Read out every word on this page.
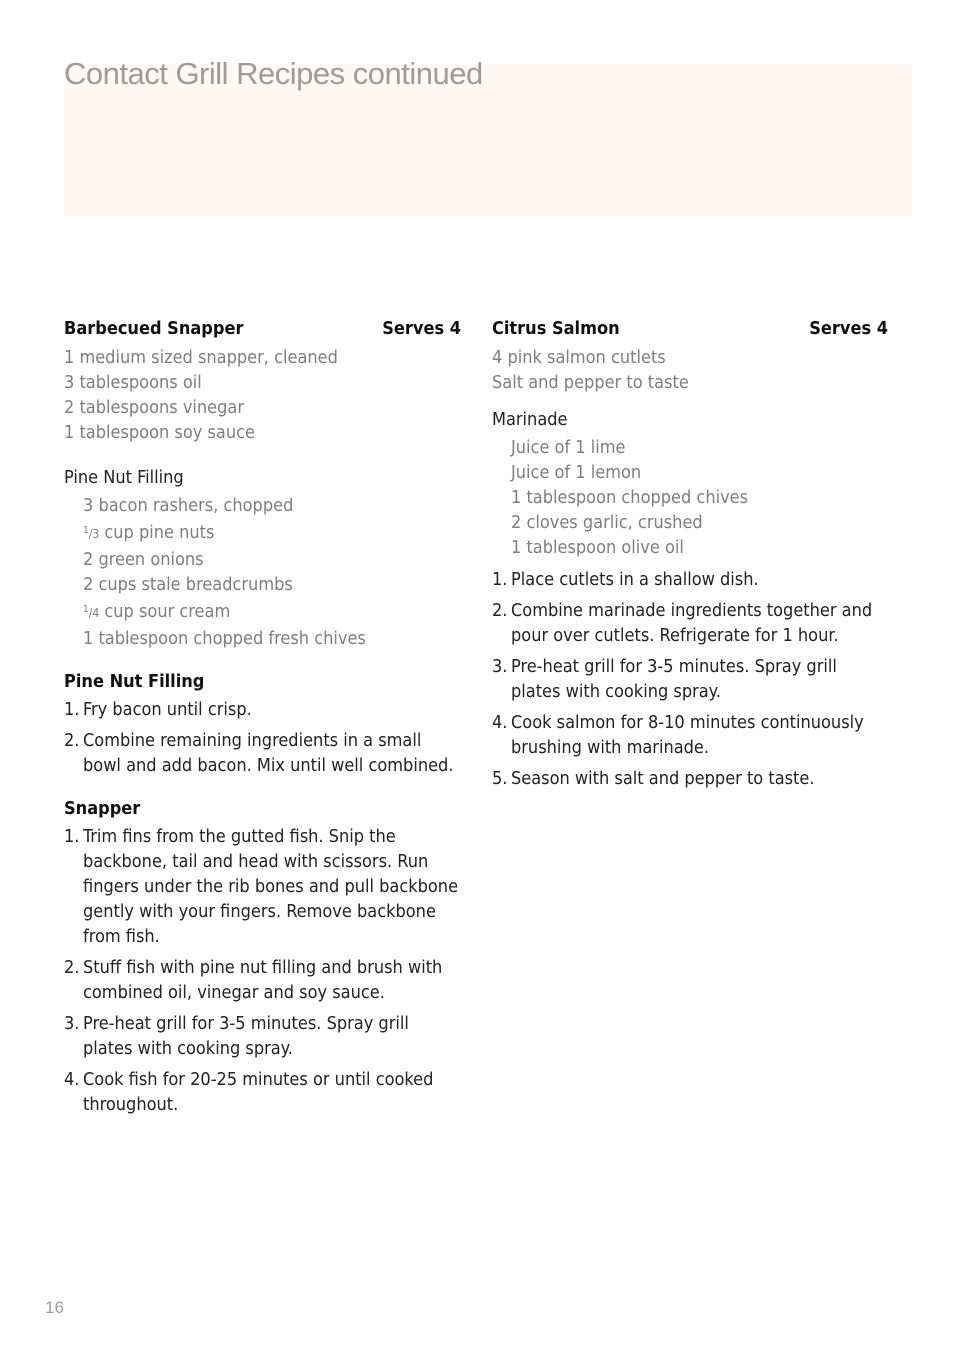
Contact Grill Recipes continued
Barbecued Snapper	Serves 4
1 medium sized snapper, cleaned
3 tablespoons oil
2 tablespoons vinegar
1 tablespoon soy sauce
Pine Nut Filling
3 bacon rashers, chopped
$^1$/3 cup pine nuts
2 green onions
2 cups stale breadcrumbs
$^1$/4 cup sour cream
1 tablespoon chopped fresh chives
Pine Nut Filling
1. Fry bacon until crisp.
2. Combine remaining ingredients in a small bowl and add bacon. Mix until well combined.
Snapper
1. Trim fins from the gutted fish. Snip the backbone, tail and head with scissors. Run fingers under the rib bones and pull backbone gently with your fingers. Remove backbone from fish.
2. Stuff fish with pine nut filling and brush with combined oil, vinegar and soy sauce.
3. Pre-heat grill for 3-5 minutes. Spray grill plates with cooking spray.
4. Cook fish for 20-25 minutes or until cooked throughout.
Citrus Salmon	Serves 4
4 pink salmon cutlets
Salt and pepper to taste
Marinade
Juice of 1 lime
Juice of 1 lemon
1 tablespoon chopped chives
2 cloves garlic, crushed
1 tablespoon olive oil
1. Place cutlets in a shallow dish.
2. Combine marinade ingredients together and pour over cutlets. Refrigerate for 1 hour.
3. Pre-heat grill for 3-5 minutes. Spray grill plates with cooking spray.
4. Cook salmon for 8-10 minutes continuously brushing with marinade.
5. Season with salt and pepper to taste.
16
